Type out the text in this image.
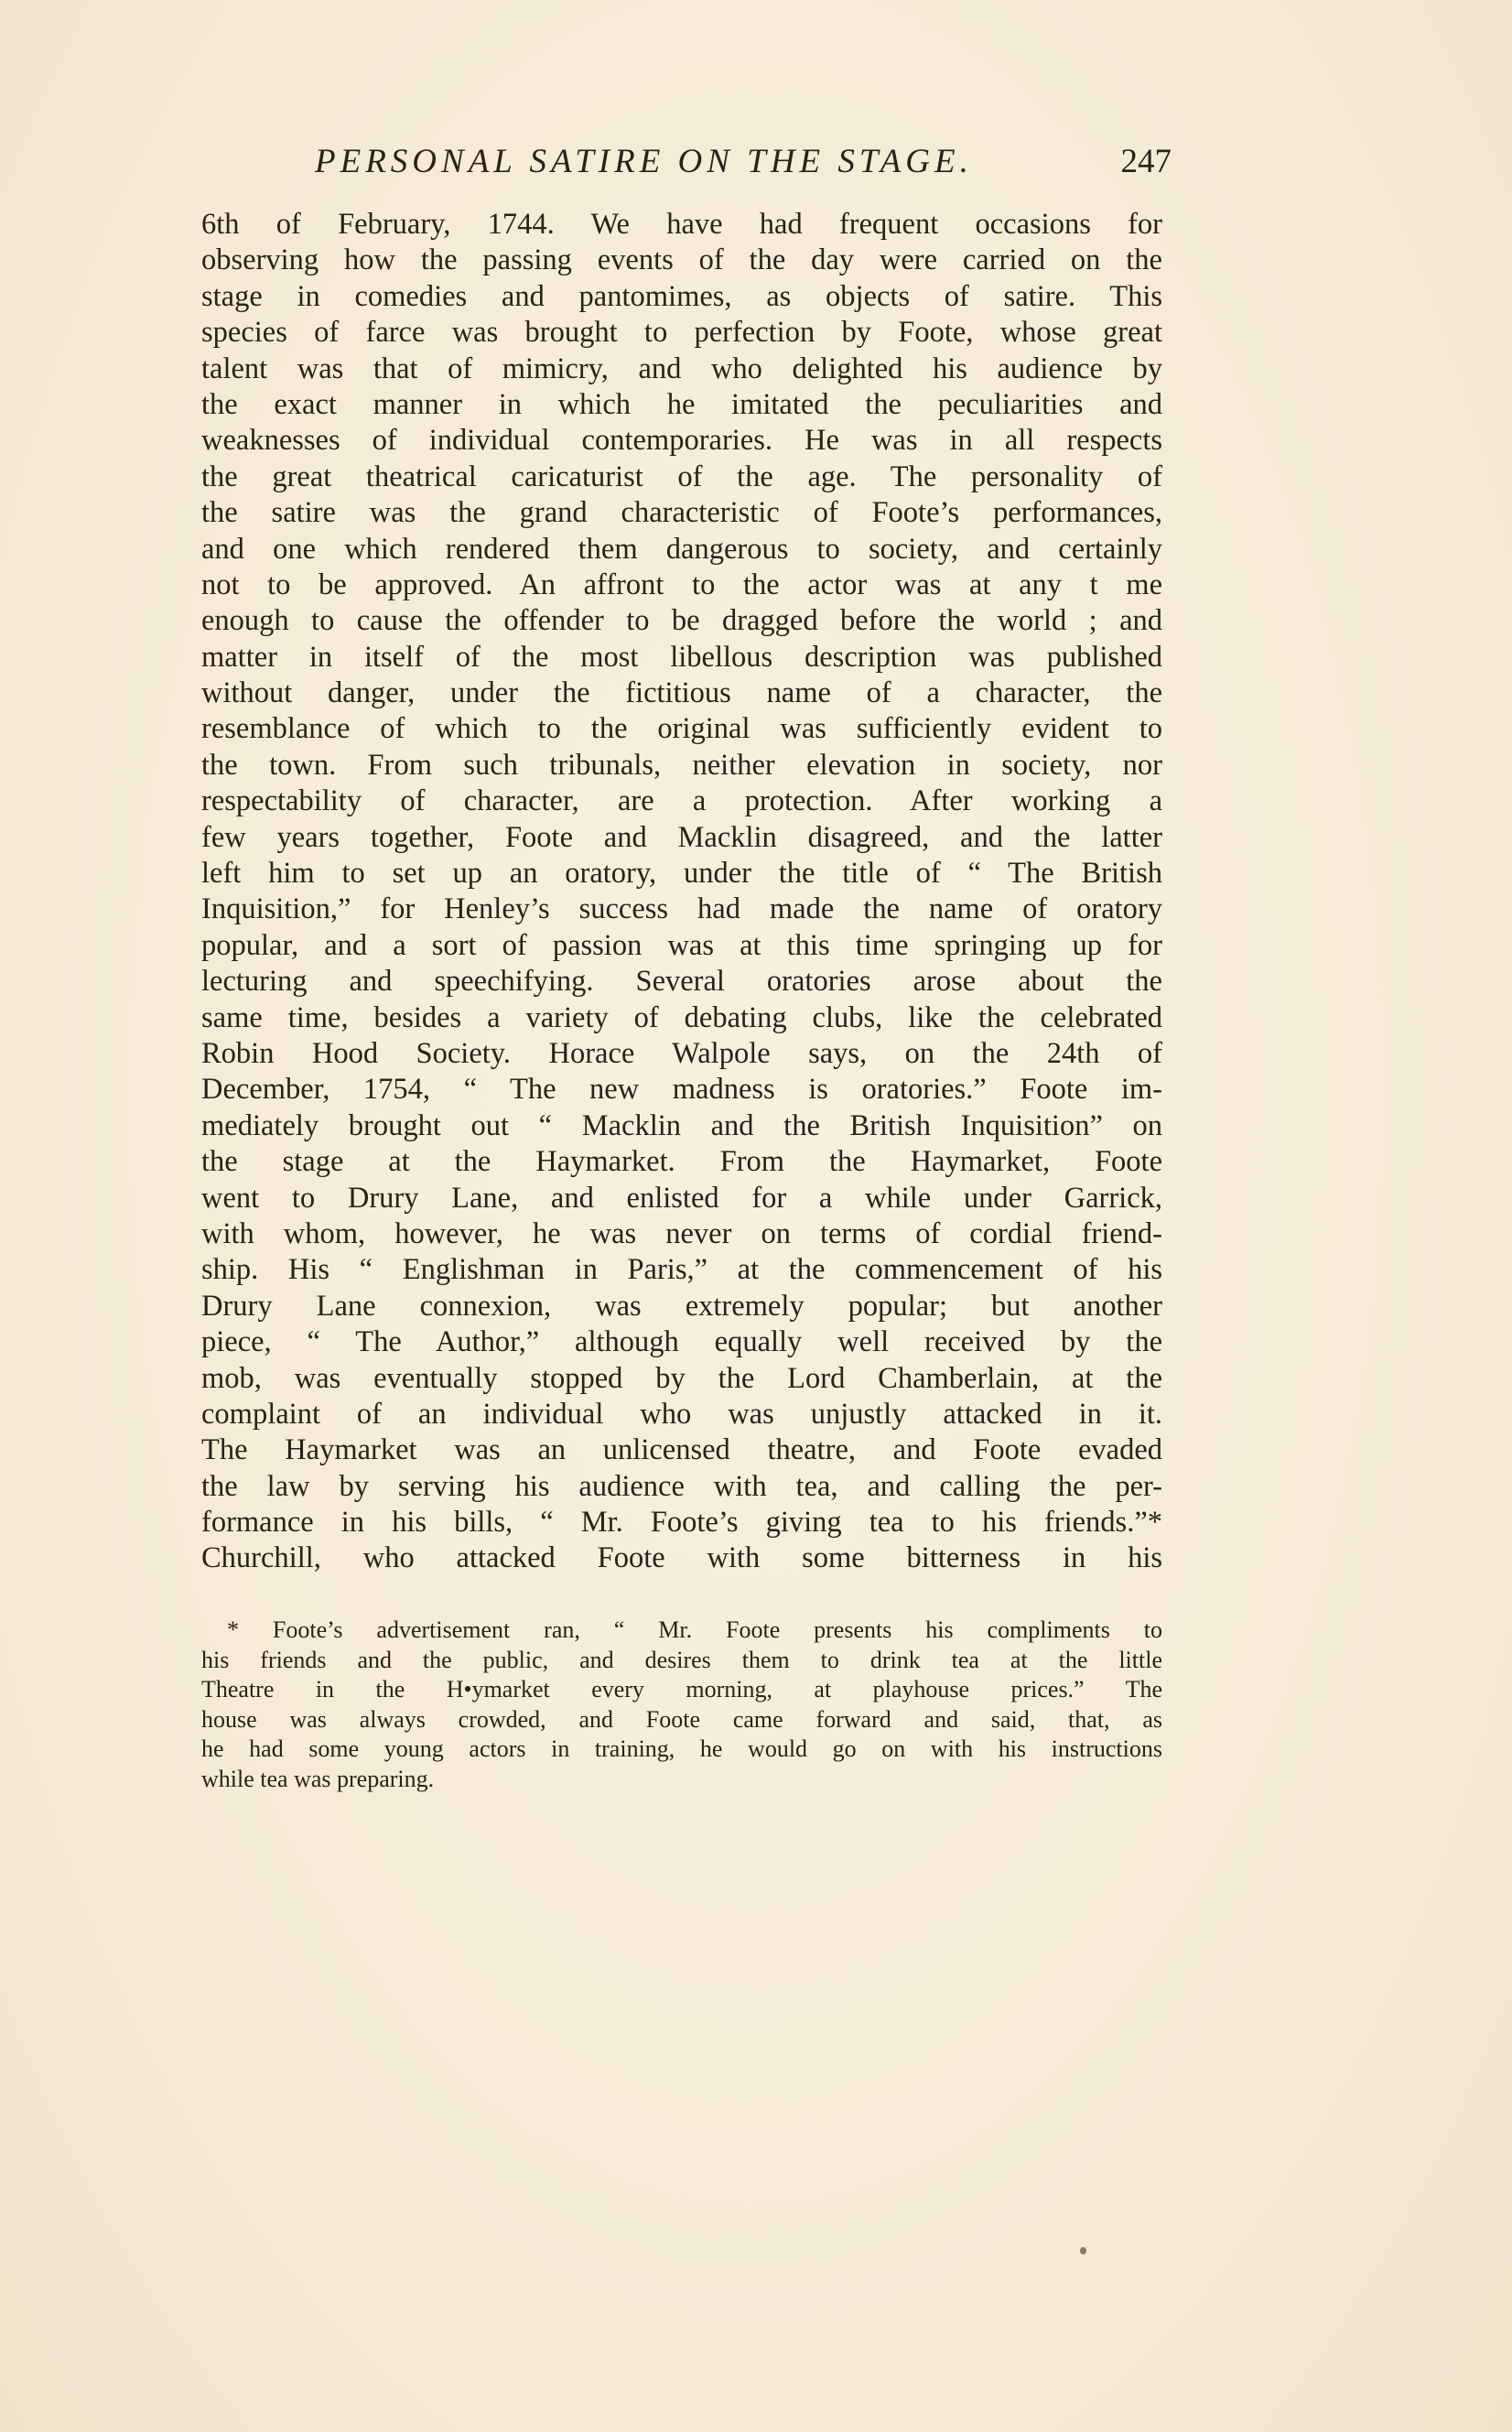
PERSONAL SATIRE ON THE STAGE.	247
6th of February, 1744. We have had frequent occasions for
observing how the passing events of the day were carried on the
stage in comedies and pantomimes, as objects of satire. This
species of farce was brought to perfection by Foote, whose great
talent was that of mimicry, and who delighted his audience by
the exact manner in which he imitated the peculiarities and
weaknesses of individual contemporaries. He was in all respects
the great theatrical caricaturist of the age. The personality of
the satire was the grand characteristic of Foote’s performances,
and one which rendered them dangerous to society, and certainly
not to be approved. An affront to the actor was at any t me
enough to cause the offender to be dragged before the world ; and
matter in itself of the most libellous description was published
without danger, under the fictitious name of a character, the
resemblance of which to the original was sufficiently evident to
the town. From such tribunals, neither elevation in society, nor
respectability of character, are a protection. After working a
few years together, Foote and Macklin disagreed, and the latter
left him to set up an oratory, under the title of “ The British
Inquisition,” for Henley’s success had made the name of oratory
popular, and a sort of passion was at this time springing up for
lecturing and speechifying. Several oratories arose about the
same time, besides a variety of debating clubs, like the celebrated
Robin Hood Society. Horace Walpole says, on the 24th of
December, 1754, “ The new madness is oratories.” Foote im-
mediately brought out “ Macklin and the British Inquisition” on
the stage at the Haymarket. From the Haymarket, Foote
went to Drury Lane, and enlisted for a while under Garrick,
with whom, however, he was never on terms of cordial friend-
ship. His “ Englishman in Paris,” at the commencement of his
Drury Lane connexion, was extremely popular; but another
piece, “ The Author,” although equally well received by the
mob, was eventually stopped by the Lord Chamberlain, at the
complaint of an individual who was unjustly attacked in it.
The Haymarket was an unlicensed theatre, and Foote evaded
the law by serving his audience with tea, and calling the per-
formance in his bills, “ Mr. Foote’s giving tea to his friends.”*
Churchill, who attacked Foote with some bitterness in his
* Foote’s advertisement ran, “ Mr. Foote presents his compliments to
his friends and the public, and desires them to drink tea at the little
Theatre in the H•ymarket every morning, at playhouse prices.” The
house was always crowded, and Foote came forward and said, that, as
he had some young actors in training, he would go on with his instructions
while tea was preparing.
